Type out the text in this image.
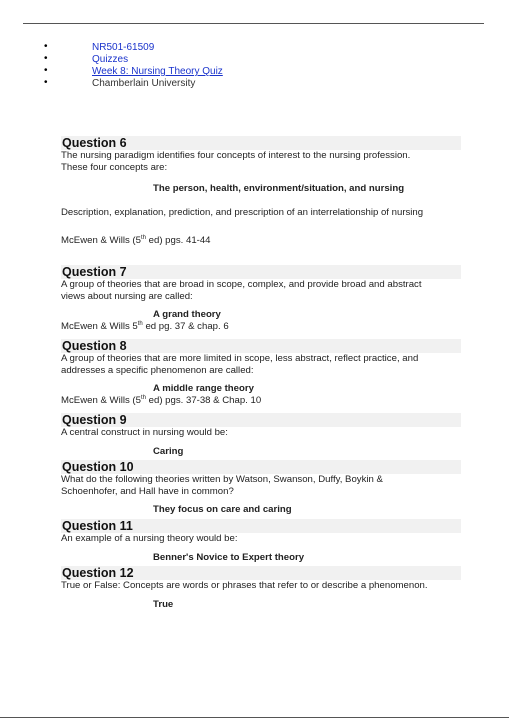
•	NR501-61509
•	Quizzes
•	Week 8: Nursing Theory Quiz
•	Chamberlain University
Question 6

The nursing paradigm identifies four concepts of interest to the nursing profession.

These four concepts are:

The person, health, environment/situation, and nursing

Description, explanation, prediction, and prescription of an interrelationship of nursing

McEwen & Wills (5th ed) pgs. 41-44

Question 7

A group of theories that are broad in scope, complex, and provide broad and abstract

views about nursing are called:

A grand theory

McEwen & Wills 5th ed pg. 37 & chap. 6

Question 8

A group of theories that are more limited in scope, less abstract, reflect practice, and

addresses a specific phenomenon are called:

A middle range theory

McEwen & Wills (5th ed) pgs. 37-38 & Chap. 10

Question 9

A central construct in nursing would be:

Caring

Question 10

What do the following theories written by Watson, Swanson, Duffy, Boykin &

Schoenhofer, and Hall have in common?

They focus on care and caring

Question 11

An example of a nursing theory would be:

Benner's Novice to Expert theory

Question 12

True or False: Concepts are words or phrases that refer to or describe a phenomenon.

True
